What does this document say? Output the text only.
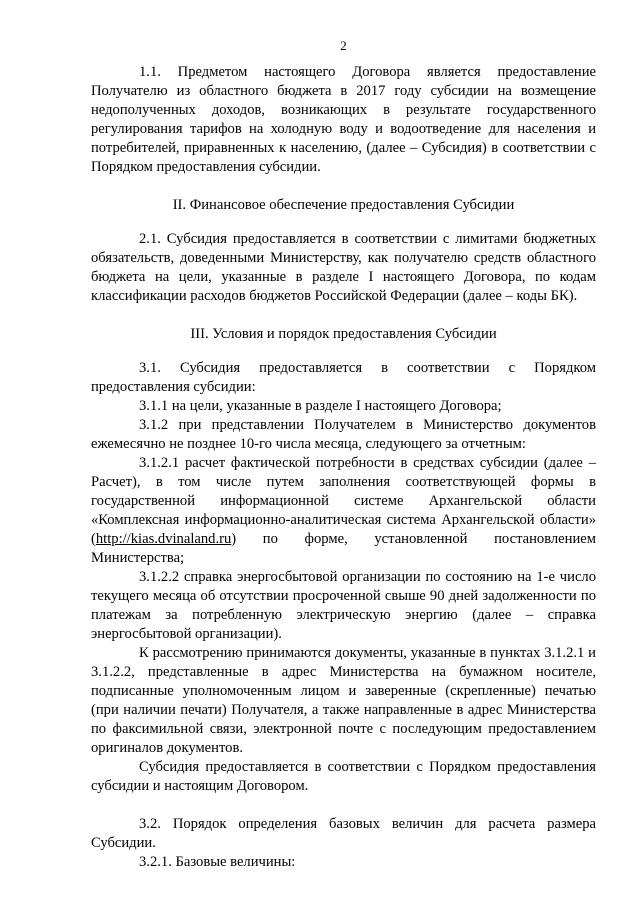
2

1.1. Предметом настоящего Договора является предоставление Получателю из областного бюджета в 2017 году субсидии на возмещение недополученных доходов, возникающих в результате государственного регулирования тарифов на холодную воду и водоотведение для населения и потребителей, приравненных к населению, (далее – Субсидия) в соответствии с Порядком предоставления субсидии.

II. Финансовое обеспечение предоставления Субсидии

2.1. Субсидия предоставляется в соответствии с лимитами бюджетных обязательств, доведенными Министерству, как получателю средств областного бюджета на цели, указанные в разделе I настоящего Договора, по кодам классификации расходов бюджетов Российской Федерации (далее – коды БК).

III. Условия и порядок предоставления Субсидии

3.1. Субсидия предоставляется в соответствии с Порядком предоставления субсидии:

3.1.1 на цели, указанные в разделе I настоящего Договора;

3.1.2 при представлении Получателем в Министерство документов ежемесячно не позднее 10-го числа месяца, следующего за отчетным:

3.1.2.1 расчет фактической потребности в средствах субсидии (далее – Расчет), в том числе путем заполнения соответствующей формы в государственной информационной системе Архангельской области «Комплексная информационно-аналитическая система Архангельской области» (http://kias.dvinaland.ru) по форме, установленной постановлением Министерства;

3.1.2.2 справка энергосбытовой организации по состоянию на 1-е число текущего месяца об отсутствии просроченной свыше 90 дней задолженности по платежам за потребленную электрическую энергию (далее – справка энергосбытовой организации).

К рассмотрению принимаются документы, указанные в пунктах 3.1.2.1 и 3.1.2.2, представленные в адрес Министерства на бумажном носителе, подписанные уполномоченным лицом и заверенные (скрепленные) печатью (при наличии печати) Получателя, а также направленные в адрес Министерства по факсимильной связи, электронной почте с последующим предоставлением оригиналов документов.

Субсидия предоставляется в соответствии с Порядком предоставления субсидии и настоящим Договором.

3.2. Порядок определения базовых величин для расчета размера Субсидии.

3.2.1. Базовые величины:
